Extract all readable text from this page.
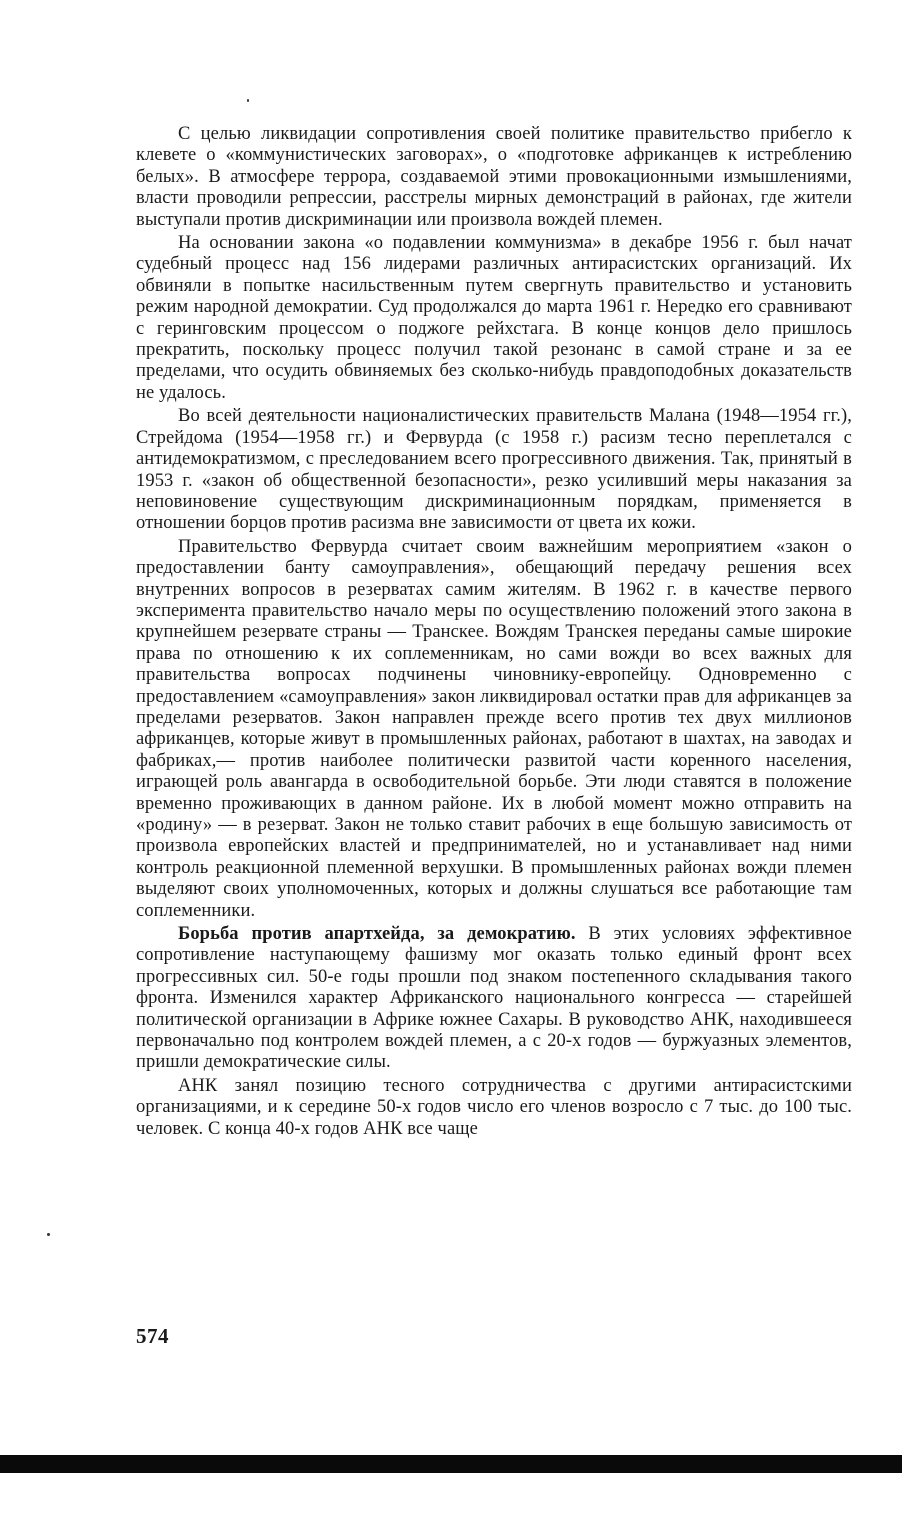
С целью ликвидации сопротивления своей политике правительство прибегло к клевете о «коммунистических заговорах», о «подготовке африканцев к истреблению белых». В атмосфере террора, создаваемой этими провокационными измышлениями, власти проводили репрессии, расстрелы мирных демонстраций в районах, где жители выступали против дискриминации или произвола вождей племен.

На основании закона «о подавлении коммунизма» в декабре 1956 г. был начат судебный процесс над 156 лидерами различных антирасистских организаций. Их обвиняли в попытке насильственным путем свергнуть правительство и установить режим народной демократии. Суд продолжался до марта 1961 г. Нередко его сравнивают с геринговским процессом о поджоге рейхстага. В конце концов дело пришлось прекратить, поскольку процесс получил такой резонанс в самой стране и за ее пределами, что осудить обвиняемых без сколько-нибудь правдоподобных доказательств не удалось.

Во всей деятельности националистических правительств Малана (1948—1954 гг.), Стрейдома (1954—1958 гг.) и Фервурда (с 1958 г.) расизм тесно переплетался с антидемократизмом, с преследованием всего прогрессивного движения. Так, принятый в 1953 г. «закон об общественной безопасности», резко усиливший меры наказания за неповиновение существующим дискриминационным порядкам, применяется в отношении борцов против расизма вне зависимости от цвета их кожи.

Правительство Фервурда считает своим важнейшим мероприятием «закон о предоставлении банту самоуправления», обещающий передачу решения всех внутренних вопросов в резерватах самим жителям. В 1962 г. в качестве первого эксперимента правительство начало меры по осуществлению положений этого закона в крупнейшем резервате страны — Транскее. Вождям Транскея переданы самые широкие права по отношению к их соплеменникам, но сами вожди во всех важных для правительства вопросах подчинены чиновнику-европейцу. Одновременно с предоставлением «самоуправления» закон ликвидировал остатки прав для африканцев за пределами резерватов. Закон направлен прежде всего против тех двух миллионов африканцев, которые живут в промышленных районах, работают в шахтах, на заводах и фабриках,— против наиболее политически развитой части коренного населения, играющей роль авангарда в освободительной борьбе. Эти люди ставятся в положение временно проживающих в данном районе. Их в любой момент можно отправить на «родину» — в резерват. Закон не только ставит рабочих в еще большую зависимость от произвола европейских властей и предпринимателей, но и устанавливает над ними контроль реакционной племенной верхушки. В промышленных районах вожди племен выделяют своих уполномоченных, которых и должны слушаться все работающие там соплеменники.

Борьба против апартхейда, за демократию. В этих условиях эффективное сопротивление наступающему фашизму мог оказать только единый фронт всех прогрессивных сил. 50-е годы прошли под знаком постепенного складывания такого фронта. Изменился характер Африканского национального конгресса — старейшей политической организации в Африке южнее Сахары. В руководство АНК, находившееся первоначально под контролем вождей племен, а с 20-х годов — буржуазных элементов, пришли демократические силы.

АНК занял позицию тесного сотрудничества с другими антирасистскими организациями, и к середине 50-х годов число его членов возросло с 7 тыс. до 100 тыс. человек. С конца 40-х годов АНК все чаще

574
